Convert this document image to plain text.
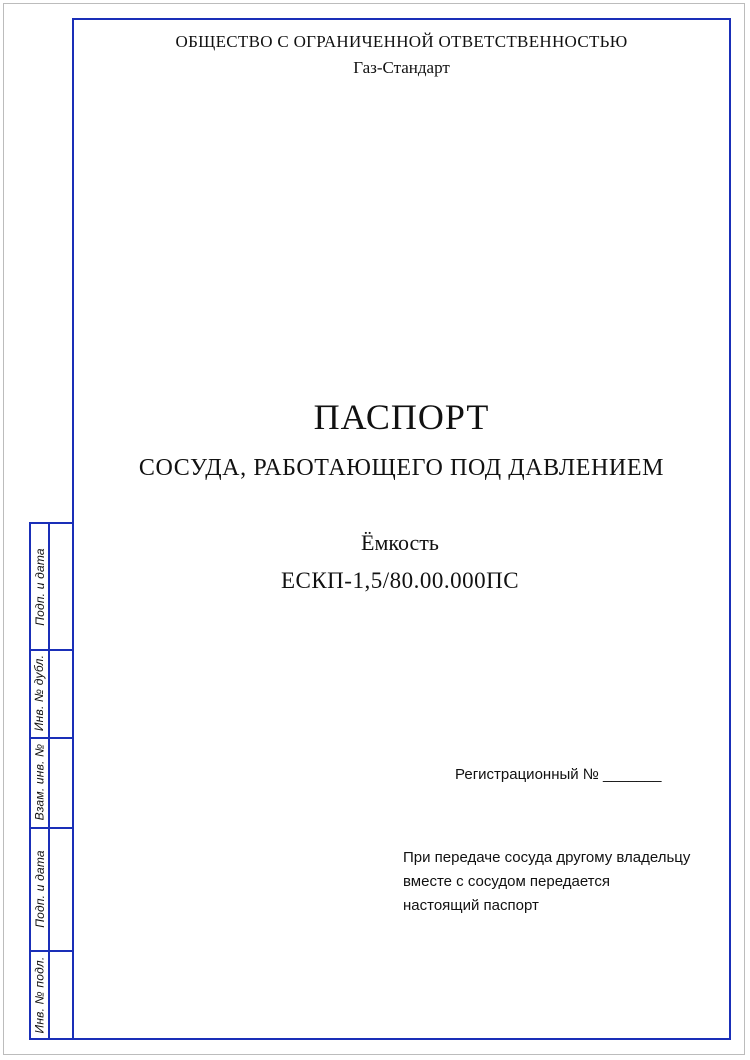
Подп. и дата
Инв. № дубл.
Взам. инв. №
Подп. и дата
Инв. № подл.
ОБЩЕСТВО С ОГРАНИЧЕННОЙ ОТВЕТСТВЕННОСТЬЮ
Газ-Стандарт
ПАСПОРТ
СОСУДА, РАБОТАЮЩЕГО ПОД ДАВЛЕНИЕМ
Ёмкость
ЕСКП-1,5/80.00.000ПС
Регистрационный № _______
При передаче сосуда другому владельцу
вместе с сосудом передается
настоящий паспорт
